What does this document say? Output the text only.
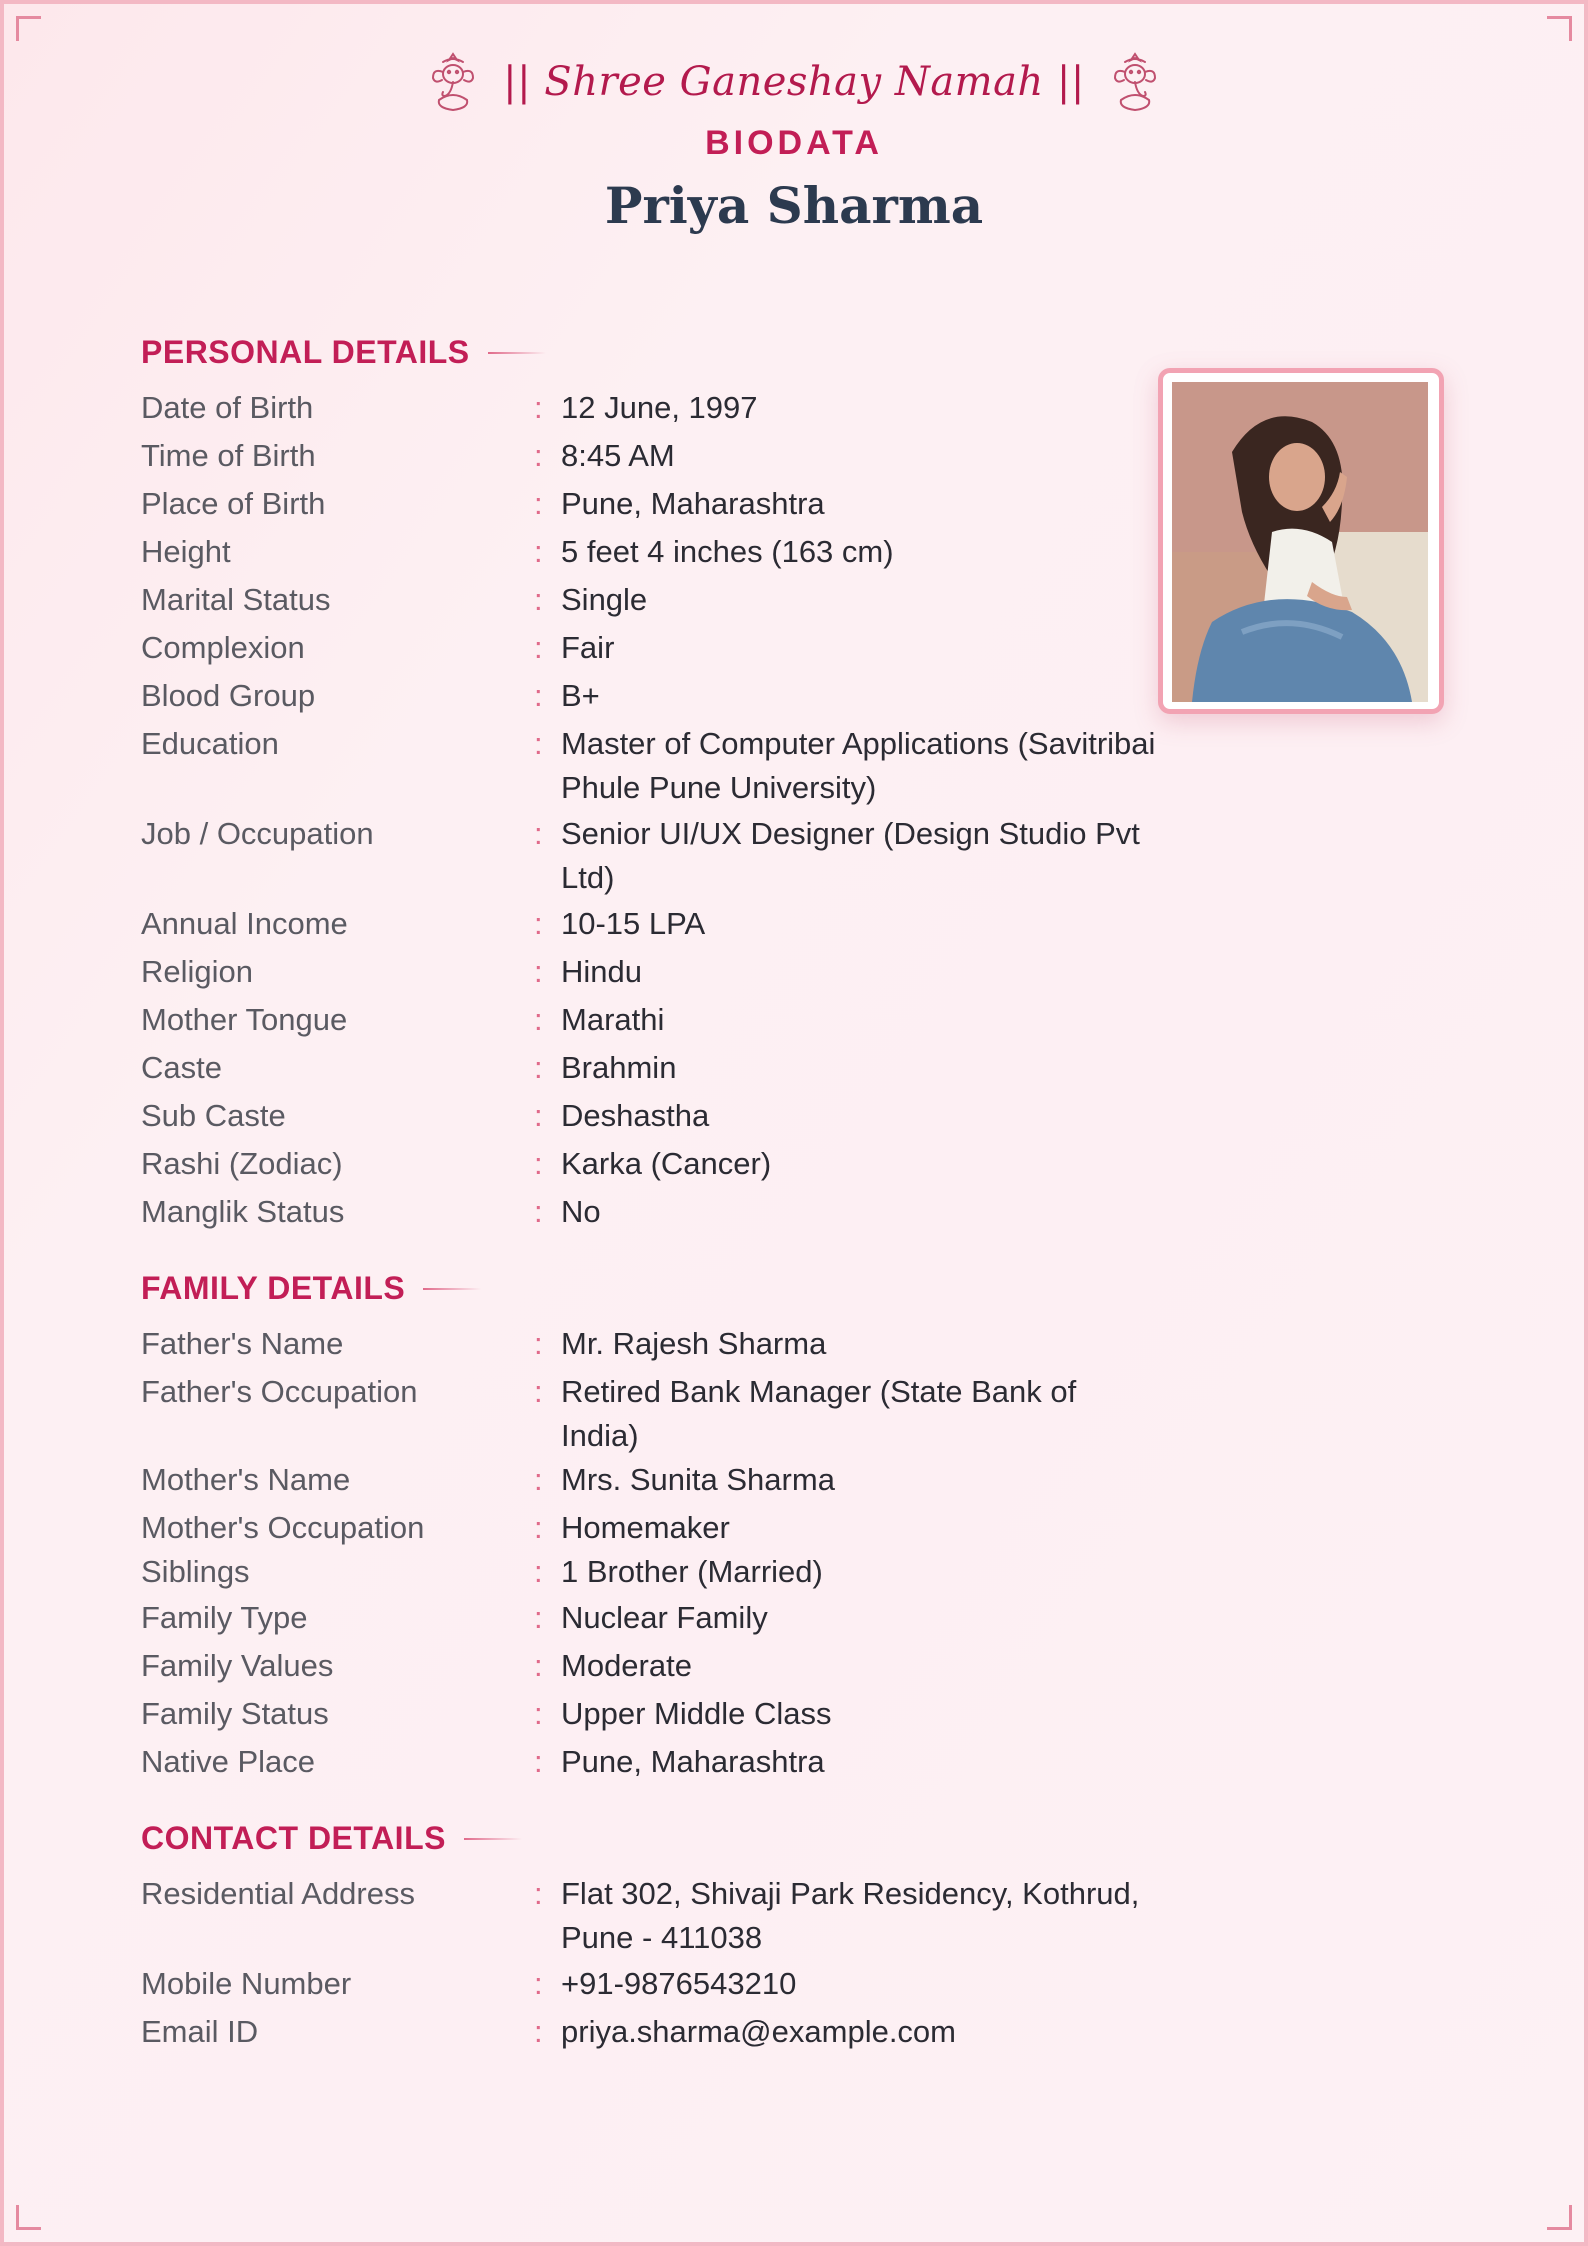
|| Shree Ganeshay Namah ||
BIODATA
Priya Sharma
PERSONAL DETAILS
Date of Birth	: 12 June, 1997
Time of Birth	: 8:45 AM
Place of Birth	: Pune, Maharashtra
Height	: 5 feet 4 inches (163 cm)
Marital Status	: Single
Complexion	: Fair
Blood Group	: B+
Education	: Master of Computer Applications (Savitribai Phule Pune University)
Job / Occupation	: Senior UI/UX Designer (Design Studio Pvt Ltd)
Annual Income	: 10-15 LPA
Religion	: Hindu
Mother Tongue	: Marathi
Caste	: Brahmin
Sub Caste	: Deshastha
Rashi (Zodiac)	: Karka (Cancer)
Manglik Status	: No
FAMILY DETAILS
Father's Name	: Mr. Rajesh Sharma
Father's Occupation	: Retired Bank Manager (State Bank of India)
Mother's Name	: Mrs. Sunita Sharma
Mother's Occupation	: Homemaker
Siblings	: 1 Brother (Married)
Family Type	: Nuclear Family
Family Values	: Moderate
Family Status	: Upper Middle Class
Native Place	: Pune, Maharashtra
CONTACT DETAILS
Residential Address	: Flat 302, Shivaji Park Residency, Kothrud, Pune - 411038
Mobile Number	: +91-9876543210
Email ID	: priya.sharma@example.com
